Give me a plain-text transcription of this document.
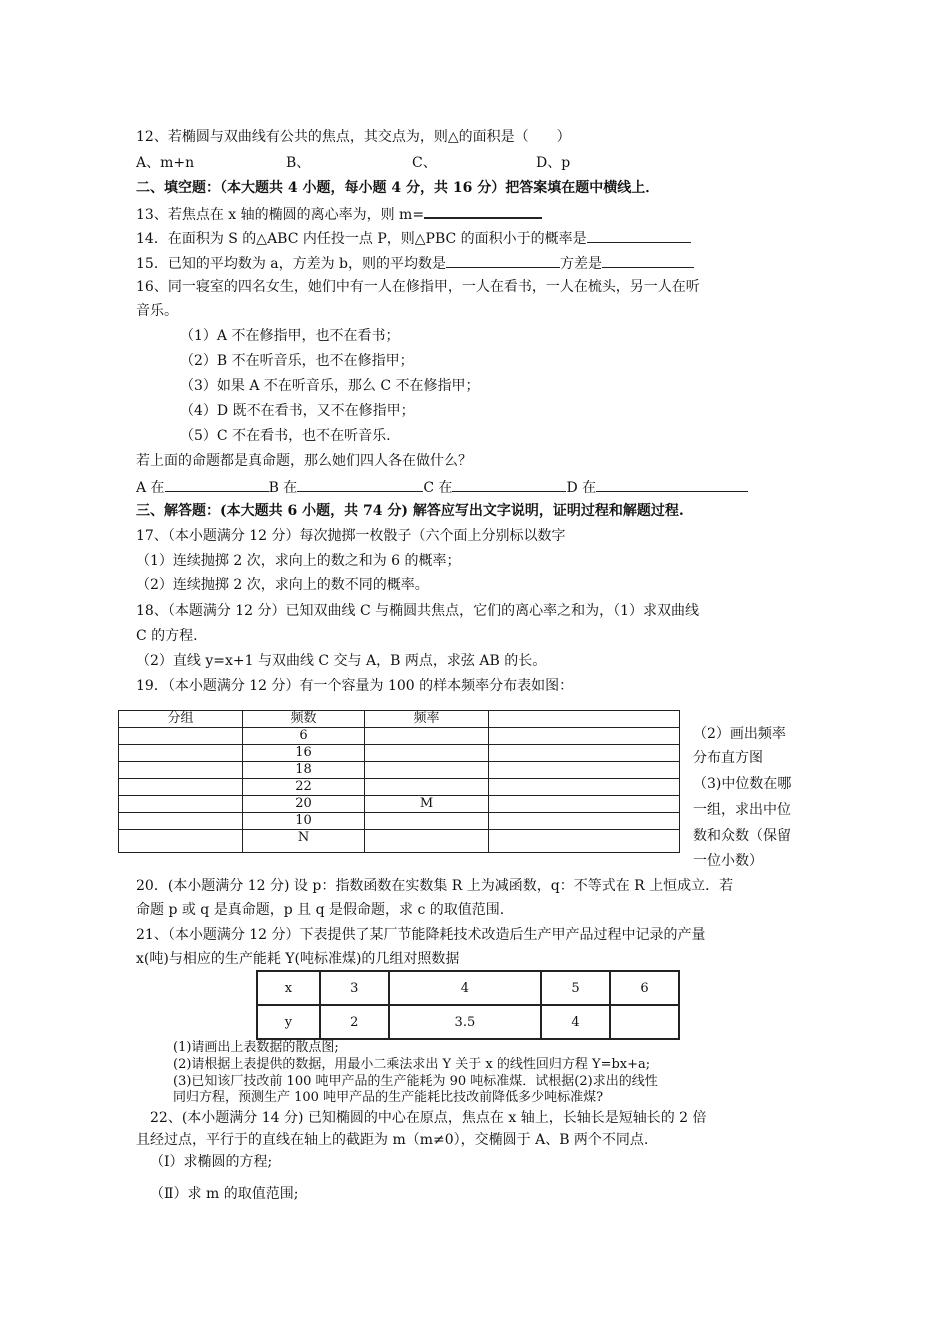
12、若椭圆与双曲线有公共的焦点，其交点为，则△的面积是（　　）
A、m+n	B、	C、	D、p
二、填空题：（本大题共 4 小题，每小题 4 分，共 16 分）把答案填在题中横线上．
13、若焦点在 x 轴的椭圆的离心率为，则 m=
14．在面积为 S 的△ABC 内任投一点 P，则△PBC 的面积小于的概率是
15．已知的平均数为 a，方差为 b，则的平均数是	方差是
16、同一寝室的四名女生，她们中有一人在修指甲，一人在看书，一人在梳头，另一人在听
音乐。
（1）A 不在修指甲，也不在看书；
（2）B 不在听音乐，也不在修指甲；
（3）如果 A 不在听音乐，那么 C 不在修指甲；
（4）D 既不在看书，又不在修指甲；
（5）C 不在看书，也不在听音乐.
若上面的命题都是真命题，那么她们四人各在做什么？
A 在	B 在	C 在	D 在
三、解答题：(本大题共 6 小题，共 74 分) 解答应写出文字说明，证明过程和解题过程.
17、（本小题满分 12 分）每次抛掷一枚骰子（六个面上分别标以数字
（1）连续抛掷 2 次，求向上的数之和为 6 的概率；
（2）连续抛掷 2 次，求向上的数不同的概率。
18、（本题满分 12 分）已知双曲线 C 与椭圆共焦点，它们的离心率之和为，（1）求双曲线
C 的方程.
（2）直线 y=x+1 与双曲线 C 交与 A，B 两点，求弦 AB 的长。
19．（本小题满分 12 分）有一个容量为 100 的样本频率分布表如图：
分组	频数	频率	
	6		
	16		
	18		
	22		
	20	M	
	10		
	N		
（2）画出频率
分布直方图
（3)中位数在哪
一组，求出中位
数和众数（保留
一位小数）
20．(本小题满分 12 分) 设 p：指数函数在实数集 R 上为减函数，q：不等式在 R 上恒成立．若
命题 p 或 q 是真命题，p 且 q 是假命题，求 c 的取值范围.
21、（本小题满分 12 分）下表提供了某厂节能降耗技术改造后生产甲产品过程中记录的产量
x(吨)与相应的生产能耗 Y(吨标准煤)的几组对照数据
x	3	4	5	6
y	2	3.5	4	
(1)请画出上表数据的散点图;
(2)请根据上表提供的数据，用最小二乘法求出 Y 关于 x 的线性回归方程 Y=bx+a;
(3)已知该厂技改前 100 吨甲产品的生产能耗为 90 吨标准煤．试根据(2)求出的线性
同归方程，预测生产 100 吨甲产品的生产能耗比技改前降低多少吨标准煤?
22、(本小题满分 14 分) 已知椭圆的中心在原点，焦点在 x 轴上，长轴长是短轴长的 2 倍
且经过点，平行于的直线在轴上的截距为 m（m≠0），交椭圆于 A、B 两个不同点.
（Ⅰ）求椭圆的方程;
（Ⅱ）求 m 的取值范围;
